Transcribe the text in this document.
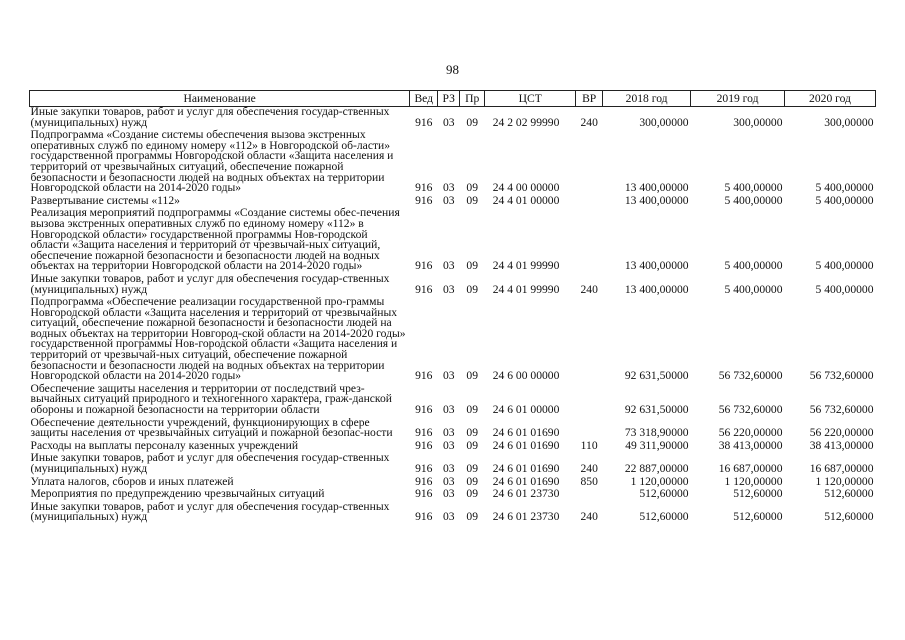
98
Наименование	Вед	РЗ	Пр	ЦСТ	ВР	2018 год	2019 год	2020 год
Иные закупки товаров, работ и услуг для обеспечения государ-ственных (муниципальных) нужд	916	03	09	24 2 02 99990	240	300,00000	300,00000	300,00000
Подпрограмма «Создание системы обеспечения вызова экстренных оперативных служб по единому номеру «112» в Новгородской об-ласти» государственной программы Новгородской области «Защита населения и территорий от чрезвычайных ситуаций, обеспечение пожарной безопасности и безопасности людей на водных объектах на территории Новгородской области на 2014-2020 годы»	916	03	09	24 4 00 00000		13 400,00000	5 400,00000	5 400,00000
Развертывание системы «112»	916	03	09	24 4 01 00000		13 400,00000	5 400,00000	5 400,00000
Реализация мероприятий подпрограммы «Создание системы обес-печения вызова экстренных оперативных служб по единому номеру «112» в Новгородской области» государственной программы Нов-городской области «Защита населения и территорий от чрезвычай-ных ситуаций, обеспечение пожарной безопасности и безопасности людей на водных объектах на территории Новгородской области на 2014-2020 годы»	916	03	09	24 4 01 99990		13 400,00000	5 400,00000	5 400,00000
Иные закупки товаров, работ и услуг для обеспечения государ-ственных (муниципальных) нужд	916	03	09	24 4 01 99990	240	13 400,00000	5 400,00000	5 400,00000
Подпрограмма «Обеспечение реализации государственной про-граммы Новгородской области «Защита населения и территорий от чрезвычайных ситуаций, обеспечение пожарной безопасности и безопасности людей на водных объектах на территории Новгород-ской области на 2014-2020 годы» государственной программы Нов-городской области «Защита населения и территорий от чрезвычай-ных ситуаций, обеспечение пожарной безопасности и безопасности людей на водных объектах на территории Новгородской области на 2014-2020 годы»	916	03	09	24 6 00 00000		92 631,50000	56 732,60000	56 732,60000
Обеспечение защиты населения и территории от последствий чрез-вычайных ситуаций природного и техногенного характера, граж-данской обороны и пожарной безопасности на территории области	916	03	09	24 6 01 00000		92 631,50000	56 732,60000	56 732,60000
Обеспечение деятельности учреждений, функционирующих в сфере защиты населения от чрезвычайных ситуаций и пожарной безопас-ности	916	03	09	24 6 01 01690		73 318,90000	56 220,00000	56 220,00000
Расходы на выплаты персоналу казенных учреждений	916	03	09	24 6 01 01690	110	49 311,90000	38 413,00000	38 413,00000
Иные закупки товаров, работ и услуг для обеспечения государ-ственных (муниципальных) нужд	916	03	09	24 6 01 01690	240	22 887,00000	16 687,00000	16 687,00000
Уплата налогов, сборов и иных платежей	916	03	09	24 6 01 01690	850	1 120,00000	1 120,00000	1 120,00000
Мероприятия по предупреждению чрезвычайных ситуаций	916	03	09	24 6 01 23730		512,60000	512,60000	512,60000
Иные закупки товаров, работ и услуг для обеспечения государ-ственных (муниципальных) нужд	916	03	09	24 6 01 23730	240	512,60000	512,60000	512,60000
